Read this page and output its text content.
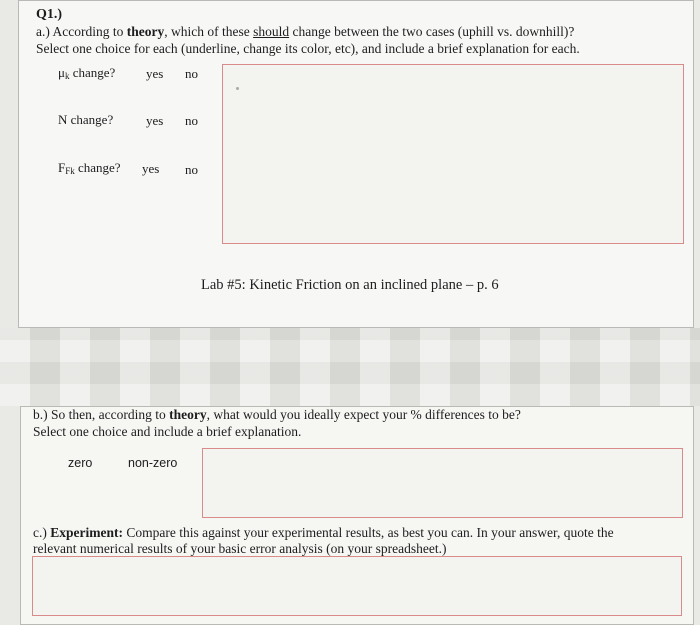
Q1.)
a.) According to theory, which of these should change between the two cases (uphill vs. downhill)?
Select one choice for each (underline, change its color, etc), and include a brief explanation for each.
$\mu_k$ change? yes no
N change?	yes no
$F_{Fk}$ change? yes no
Lab #5: Kinetic Friction on an inclined plane – p. 6
b.) So then, according to theory, what would you ideally expect your % differences to be?
Select one choice and include a brief explanation.
zero	non-zero
c.) Experiment: Compare this against your experimental results, as best you can. In your answer, quote the
relevant numerical results of your basic error analysis (on your spreadsheet.)
